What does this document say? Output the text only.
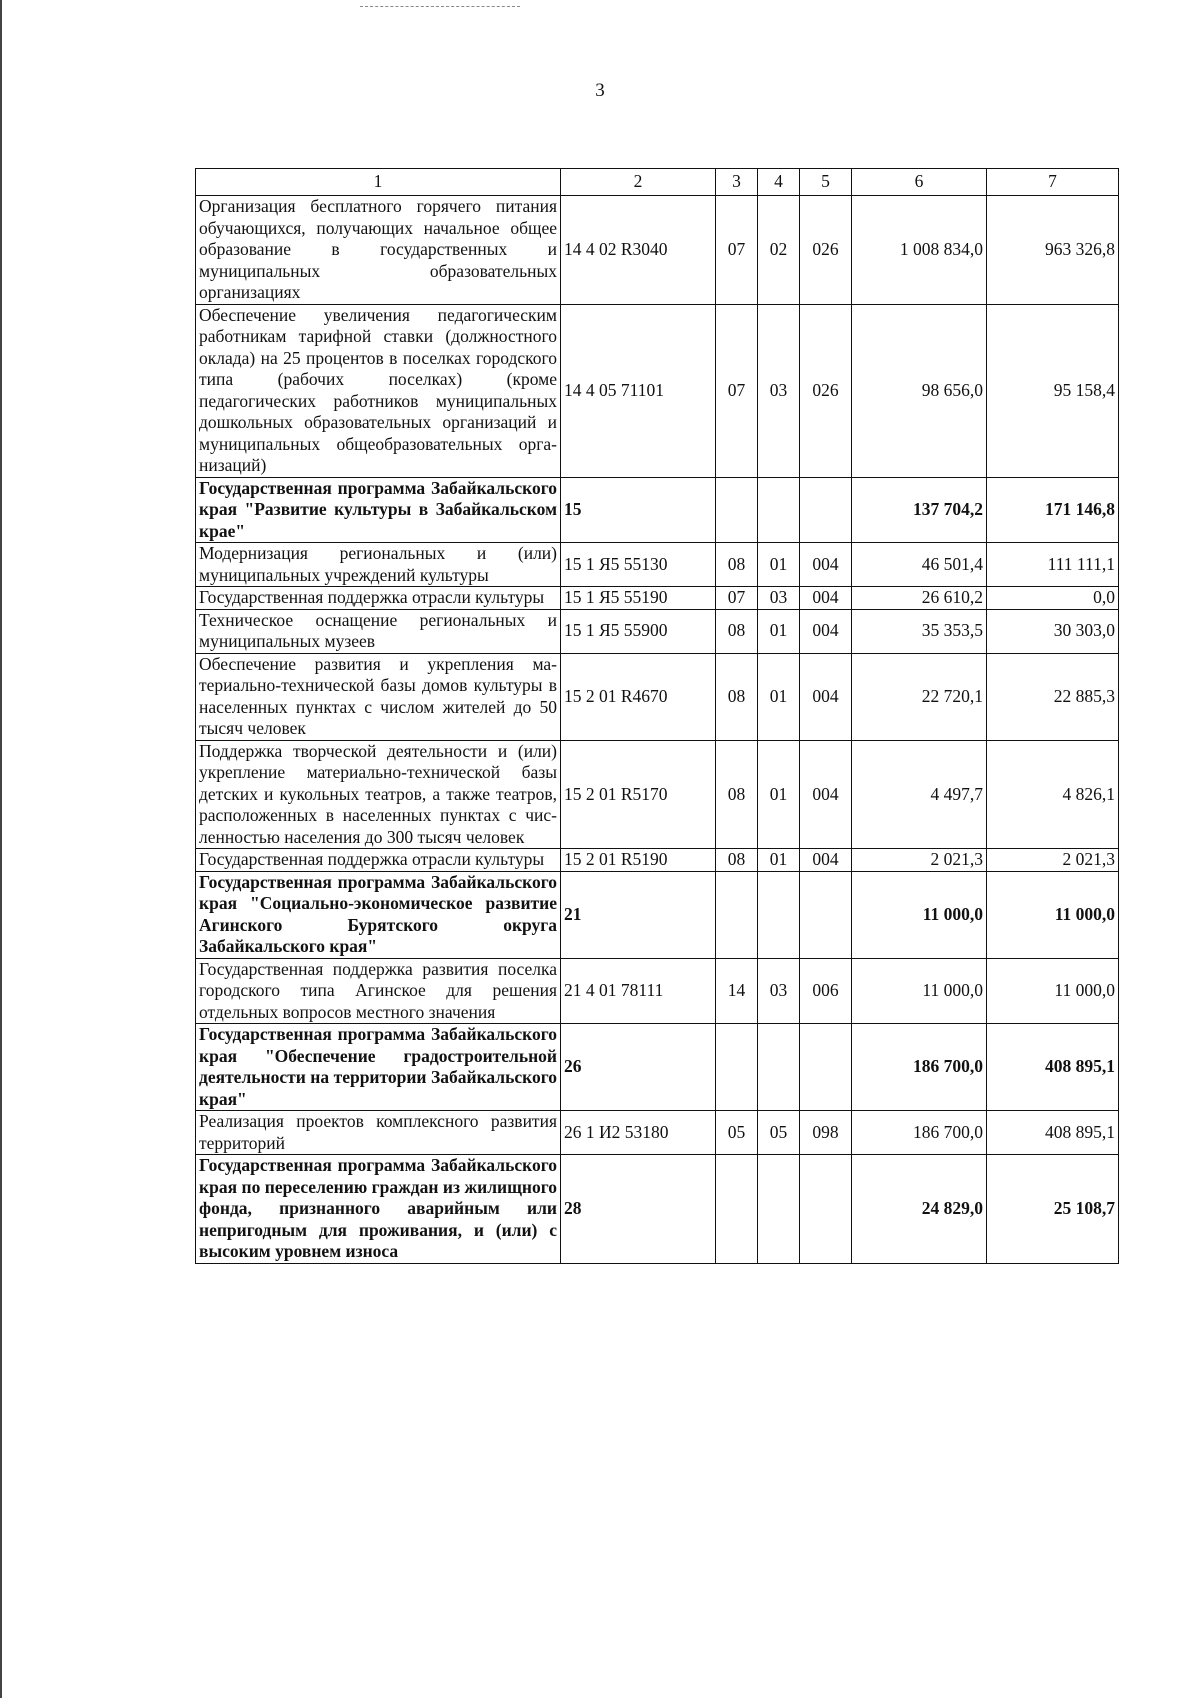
3
1	2	3	4	5	6	7
Организация бесплатного горячего питания обучающихся, получающих начальное общее образование в государственных и муниципальных образовательных организациях	14 4 02 R3040	07	02	026	1 008 834,0	963 326,8
Обеспечение увеличения педагогическим работникам тарифной ставки (должностного оклада) на 25 процентов в поселках городского типа (рабочих поселках) (кроме педагогических работников муниципальных дошкольных образовательных организаций и муниципальных общеобразовательных организаций)	14 4 05 71101	07	03	026	98 656,0	95 158,4
Государственная программа Забайкальского края "Развитие культуры в Забайкальском крае"	15				137 704,2	171 146,8
Модернизация региональных и (или) муниципальных учреждений культуры	15 1 Я5 55130	08	01	004	46 501,4	111 111,1
Государственная поддержка отрасли культуры	15 1 Я5 55190	07	03	004	26 610,2	0,0
Техническое оснащение региональных и муниципальных музеев	15 1 Я5 55900	08	01	004	35 353,5	30 303,0
Обеспечение развития и укрепления материально-технической базы домов культуры в населенных пунктах с числом жителей до 50 тысяч человек	15 2 01 R4670	08	01	004	22 720,1	22 885,3
Поддержка творческой деятельности и (или) укрепление материально-технической базы детских и кукольных театров, а также театров, расположенных в населенных пунктах с численностью населения до 300 тысяч человек	15 2 01 R5170	08	01	004	4 497,7	4 826,1
Государственная поддержка отрасли культуры	15 2 01 R5190	08	01	004	2 021,3	2 021,3
Государственная программа Забайкальского края "Социально-экономическое развитие Агинского Бурятского округа Забайкальского края"	21				11 000,0	11 000,0
Государственная поддержка развития поселка городского типа Агинское для решения отдельных вопросов местного значения	21 4 01 78111	14	03	006	11 000,0	11 000,0
Государственная программа Забайкальского края "Обеспечение градостроительной деятельности на территории Забайкальского края"	26				186 700,0	408 895,1
Реализация проектов комплексного развития территорий	26 1 И2 53180	05	05	098	186 700,0	408 895,1
Государственная программа Забайкальского края по переселению граждан из жилищного фонда, признанного аварийным или непригодным для проживания, и (или) с высоким уровнем износа	28				24 829,0	25 108,7
